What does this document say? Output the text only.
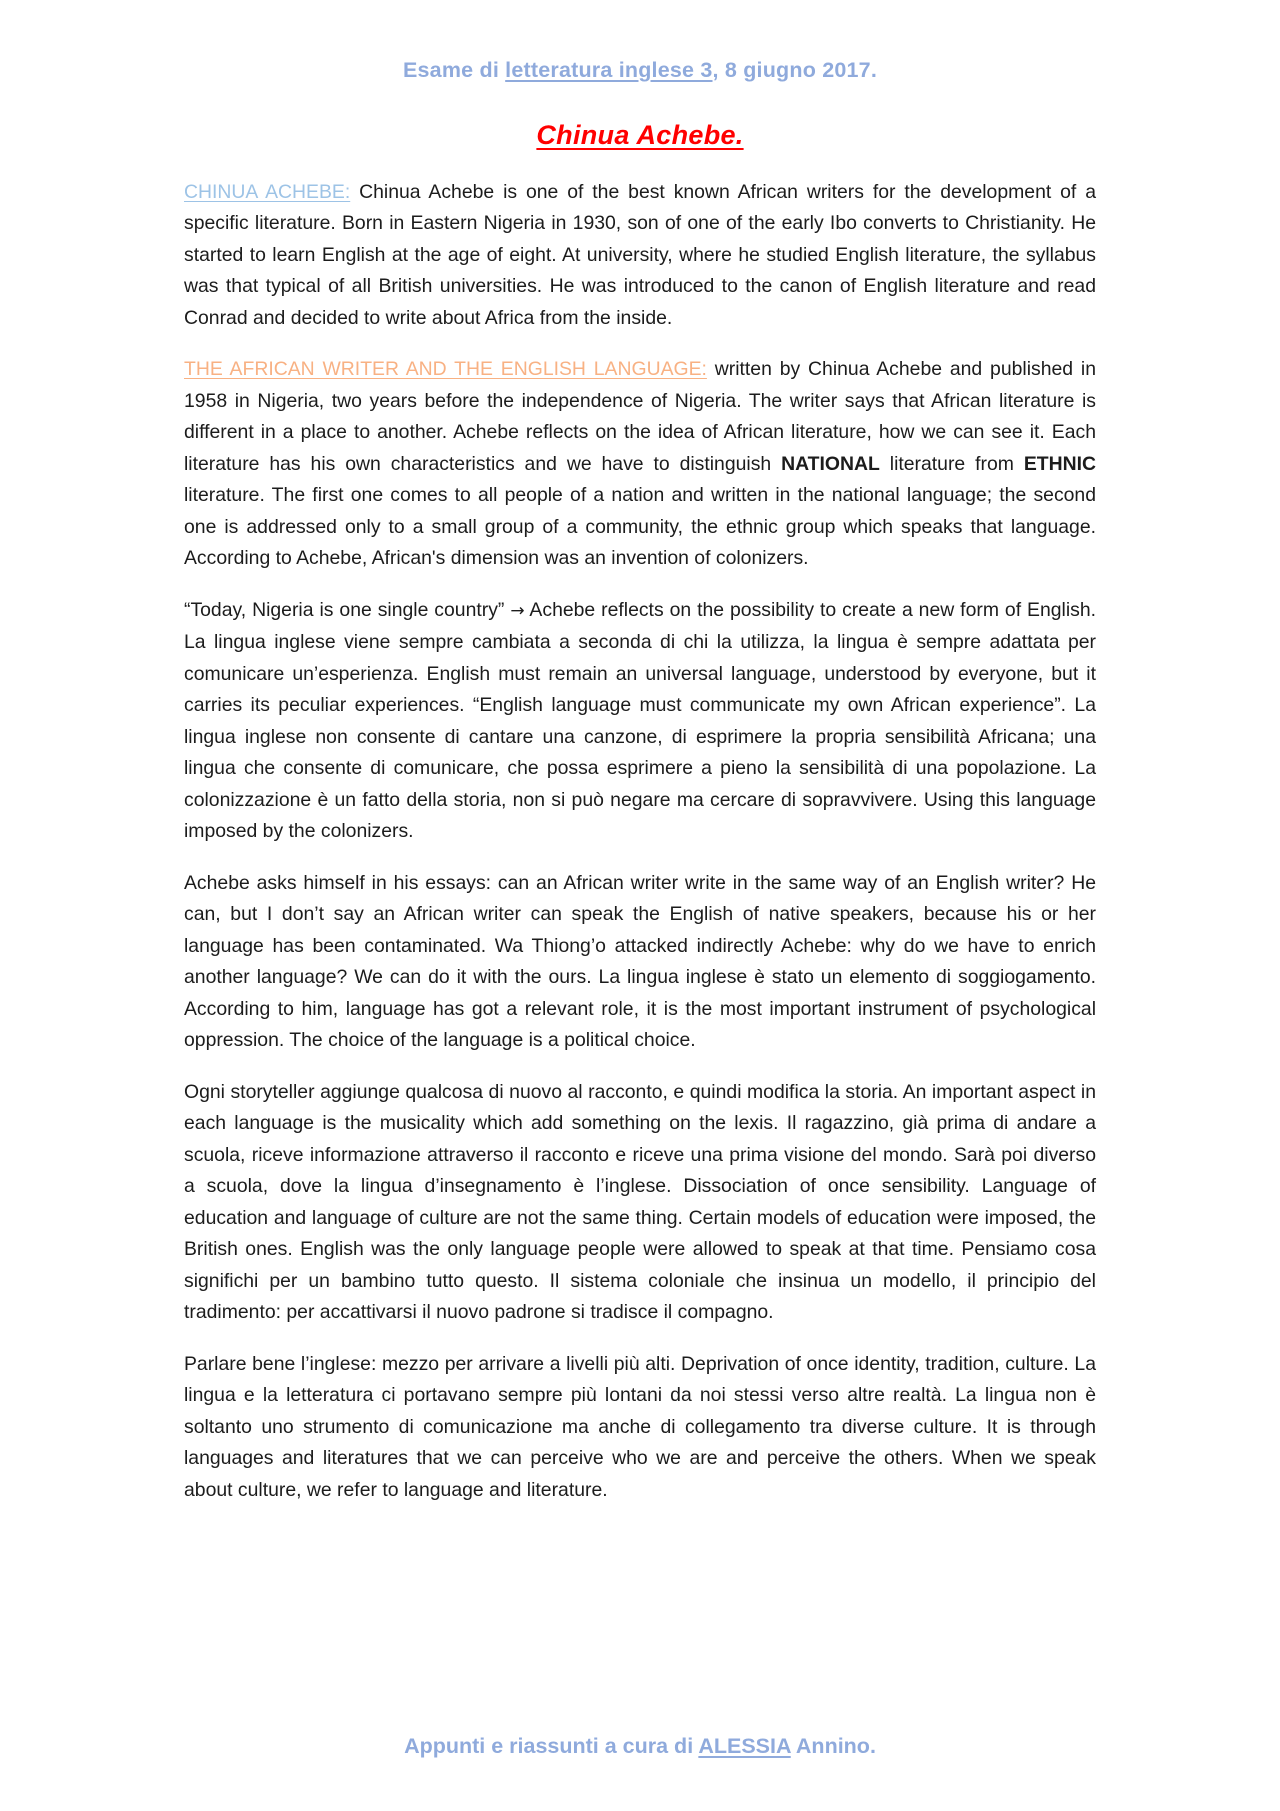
Esame di letteratura inglese 3, 8 giugno 2017.
Chinua Achebe.

CHINUA ACHEBE: Chinua Achebe is one of the best known African writers for the development of a specific literature. Born in Eastern Nigeria in 1930, son of one of the early Ibo converts to Christianity. He started to learn English at the age of eight. At university, where he studied English literature, the syllabus was that typical of all British universities. He was introduced to the canon of English literature and read Conrad and decided to write about Africa from the inside.

THE AFRICAN WRITER AND THE ENGLISH LANGUAGE: written by Chinua Achebe and published in 1958 in Nigeria, two years before the independence of Nigeria. The writer says that African literature is different in a place to another. Achebe reflects on the idea of African literature, how we can see it. Each literature has his own characteristics and we have to distinguish NATIONAL literature from ETHNIC literature. The first one comes to all people of a nation and written in the national language; the second one is addressed only to a small group of a community, the ethnic group which speaks that language. According to Achebe, African's dimension was an invention of colonizers.

“Today, Nigeria is one single country” → Achebe reflects on the possibility to create a new form of English. La lingua inglese viene sempre cambiata a seconda di chi la utilizza, la lingua è sempre adattata per comunicare un’esperienza. English must remain an universal language, understood by everyone, but it carries its peculiar experiences. “English language must communicate my own African experience”. La lingua inglese non consente di cantare una canzone, di esprimere la propria sensibilità Africana; una lingua che consente di comunicare, che possa esprimere a pieno la sensibilità di una popolazione. La colonizzazione è un fatto della storia, non si può negare ma cercare di sopravvivere. Using this language imposed by the colonizers.

Achebe asks himself in his essays: can an African writer write in the same way of an English writer? He can, but I don’t say an African writer can speak the English of native speakers, because his or her language has been contaminated. Wa Thiong’o attacked indirectly Achebe: why do we have to enrich another language? We can do it with the ours. La lingua inglese è stato un elemento di soggiogamento. According to him, language has got a relevant role, it is the most important instrument of psychological oppression. The choice of the language is a political choice.

Ogni storyteller aggiunge qualcosa di nuovo al racconto, e quindi modifica la storia. An important aspect in each language is the musicality which add something on the lexis. Il ragazzino, già prima di andare a scuola, riceve informazione attraverso il racconto e riceve una prima visione del mondo. Sarà poi diverso a scuola, dove la lingua d’insegnamento è l’inglese. Dissociation of once sensibility. Language of education and language of culture are not the same thing. Certain models of education were imposed, the British ones. English was the only language people were allowed to speak at that time. Pensiamo cosa significhi per un bambino tutto questo. Il sistema coloniale che insinua un modello, il principio del tradimento: per accattivarsi il nuovo padrone si tradisce il compagno.

Parlare bene l’inglese: mezzo per arrivare a livelli più alti. Deprivation of once identity, tradition, culture. La lingua e la letteratura ci portavano sempre più lontani da noi stessi verso altre realtà. La lingua non è soltanto uno strumento di comunicazione ma anche di collegamento tra diverse culture. It is through languages and literatures that we can perceive who we are and perceive the others. When we speak about culture, we refer to language and literature.

Appunti e riassunti a cura di ALESSIA Annino.
